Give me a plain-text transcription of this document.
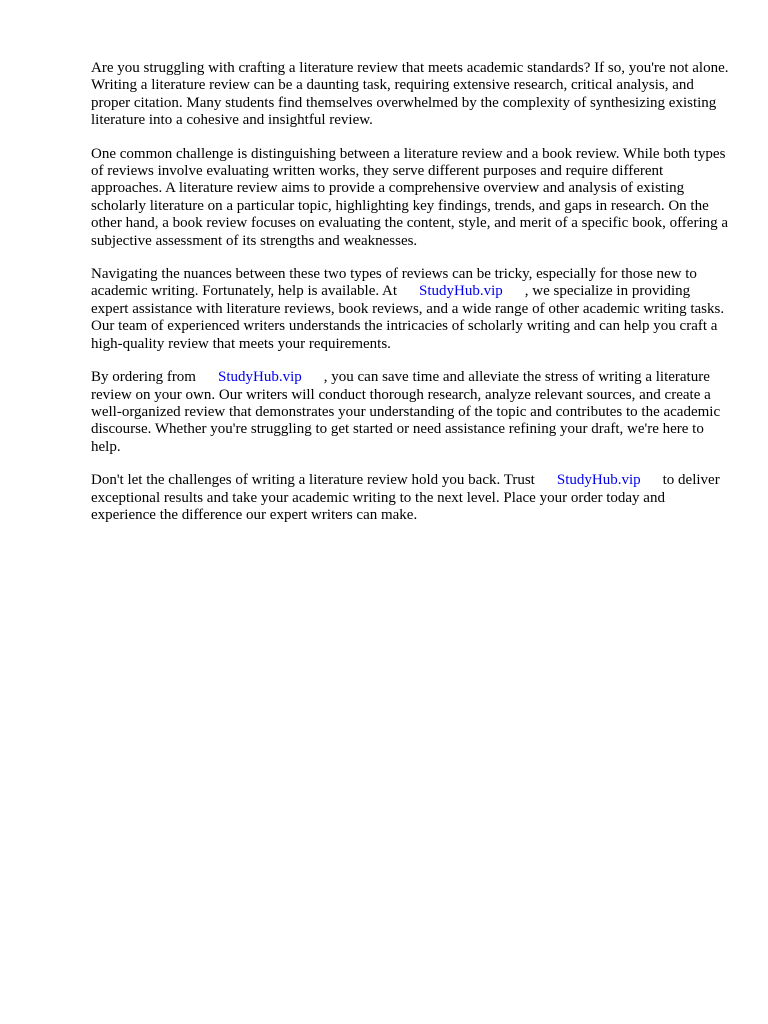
Are you struggling with crafting a literature review that meets academic standards? If so, you're not alone. Writing a literature review can be a daunting task, requiring extensive research, critical analysis, and proper citation. Many students find themselves overwhelmed by the complexity of synthesizing existing literature into a cohesive and insightful review.

One common challenge is distinguishing between a literature review and a book review. While both types of reviews involve evaluating written works, they serve different purposes and require different approaches. A literature review aims to provide a comprehensive overview and analysis of existing scholarly literature on a particular topic, highlighting key findings, trends, and gaps in research. On the other hand, a book review focuses on evaluating the content, style, and merit of a specific book, offering a subjective assessment of its strengths and weaknesses.

Navigating the nuances between these two types of reviews can be tricky, especially for those new to academic writing. Fortunately, help is available. At StudyHub.vip , we specialize in providing expert assistance with literature reviews, book reviews, and a wide range of other academic writing tasks. Our team of experienced writers understands the intricacies of scholarly writing and can help you craft a high-quality review that meets your requirements.

By ordering from StudyHub.vip , you can save time and alleviate the stress of writing a literature review on your own. Our writers will conduct thorough research, analyze relevant sources, and create a well-organized review that demonstrates your understanding of the topic and contributes to the academic discourse. Whether you're struggling to get started or need assistance refining your draft, we're here to help.

Don't let the challenges of writing a literature review hold you back. Trust StudyHub.vip to deliver exceptional results and take your academic writing to the next level. Place your order today and experience the difference our expert writers can make.
